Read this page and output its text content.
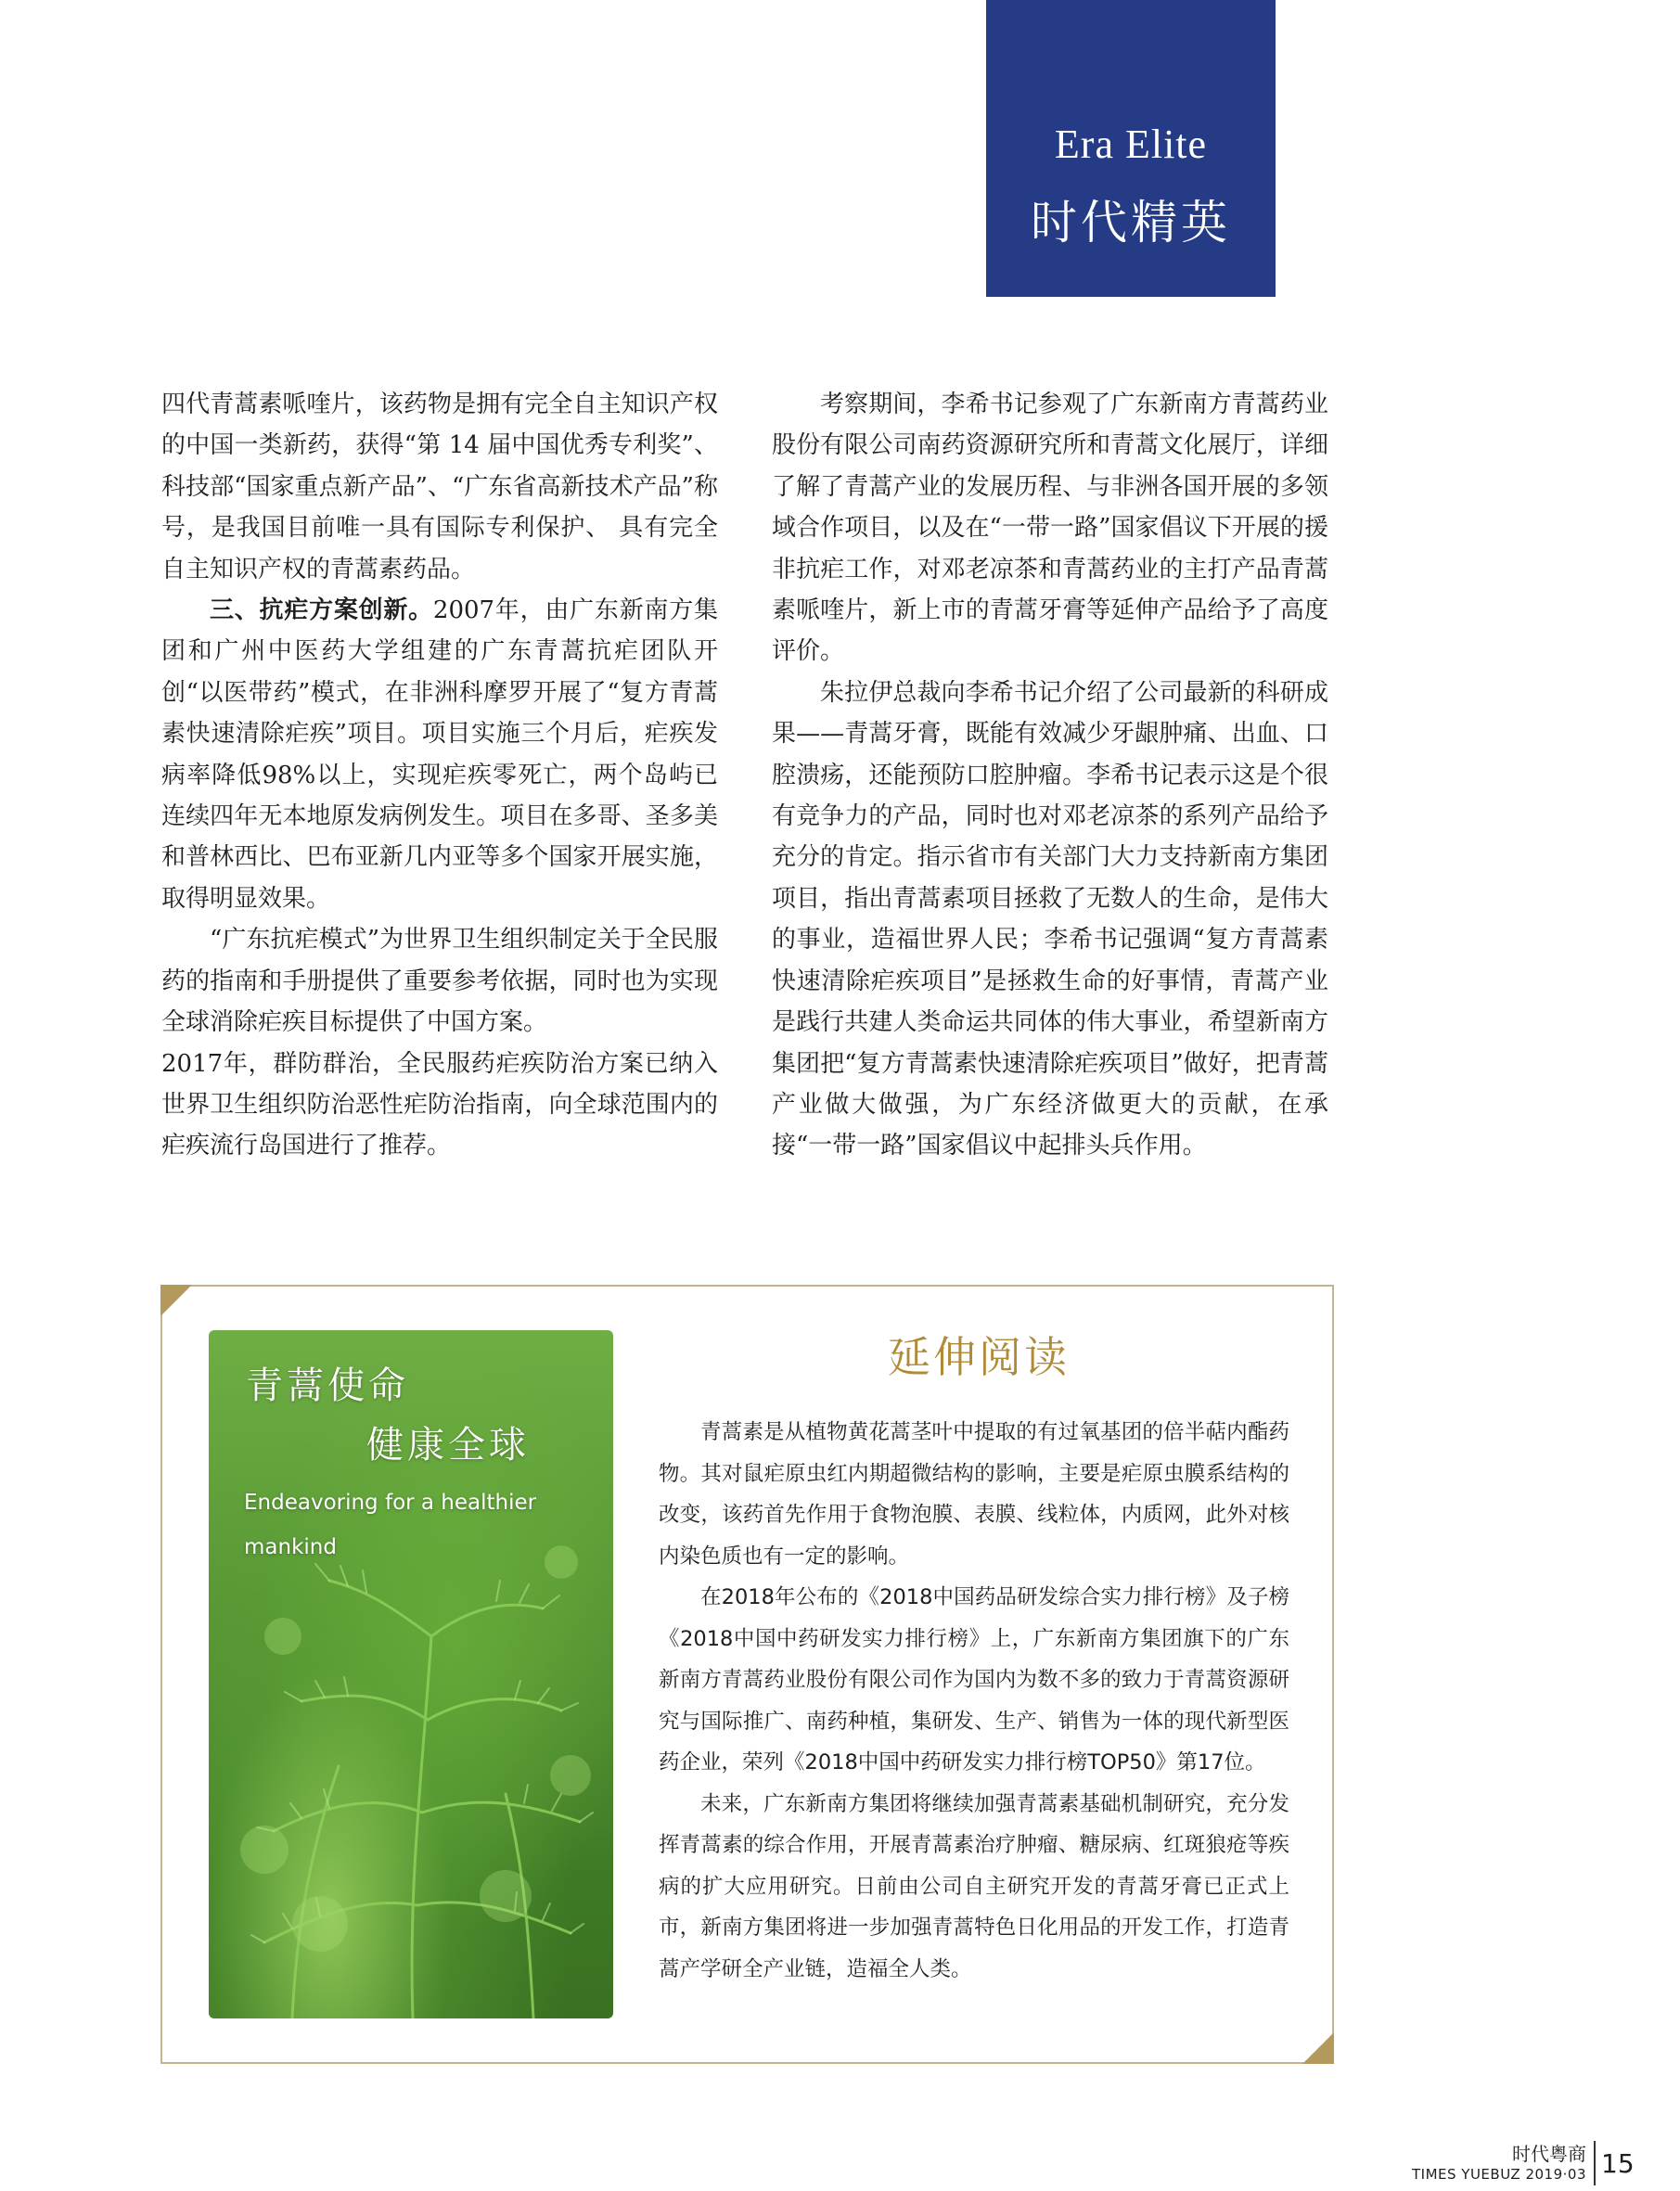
Era Elite
时代精英

四代青蒿素哌喹片，该药物是拥有完全自主知识产权的中国一类新药，获得“第 14 届中国优秀专利奖”、科技部“国家重点新产品”、“广东省高新技术产品”称号，是我国目前唯一具有国际专利保护、 具有完全自主知识产权的青蒿素药品。

三、抗疟方案创新。2007年，由广东新南方集团和广州中医药大学组建的广东青蒿抗疟团队开创“以医带药”模式，在非洲科摩罗开展了“复方青蒿素快速清除疟疾”项目。项目实施三个月后，疟疾发病率降低98%以上，实现疟疾零死亡，两个岛屿已连续四年无本地原发病例发生。项目在多哥、圣多美和普林西比、巴布亚新几内亚等多个国家开展实施，取得明显效果。

“广东抗疟模式”为世界卫生组织制定关于全民服药的指南和手册提供了重要参考依据，同时也为实现全球消除疟疾目标提供了中国方案。

2017年，群防群治，全民服药疟疾防治方案已纳入世界卫生组织防治恶性疟防治指南，向全球范围内的疟疾流行岛国进行了推荐。

考察期间，李希书记参观了广东新南方青蒿药业股份有限公司南药资源研究所和青蒿文化展厅，详细了解了青蒿产业的发展历程、与非洲各国开展的多领域合作项目，以及在“一带一路”国家倡议下开展的援非抗疟工作，对邓老凉茶和青蒿药业的主打产品青蒿素哌喹片，新上市的青蒿牙膏等延伸产品给予了高度评价。

朱拉伊总裁向李希书记介绍了公司最新的科研成果——青蒿牙膏，既能有效减少牙龈肿痛、出血、口腔溃疡，还能预防口腔肿瘤。李希书记表示这是个很有竞争力的产品，同时也对邓老凉茶的系列产品给予充分的肯定。指示省市有关部门大力支持新南方集团项目，指出青蒿素项目拯救了无数人的生命，是伟大的事业，造福世界人民；李希书记强调“复方青蒿素快速清除疟疾项目”是拯救生命的好事情，青蒿产业是践行共建人类命运共同体的伟大事业，希望新南方集团把“复方青蒿素快速清除疟疾项目”做好，把青蒿产业做大做强，为广东经济做更大的贡献，在承接“一带一路”国家倡议中起排头兵作用。

青蒿使命
健康全球
Endeavoring for a healthier mankind
延伸阅读

青蒿素是从植物黄花蒿茎叶中提取的有过氧基团的倍半萜内酯药物。其对鼠疟原虫红内期超微结构的影响，主要是疟原虫膜系结构的改变，该药首先作用于食物泡膜、表膜、线粒体，内质网，此外对核内染色质也有一定的影响。

在2018年公布的《2018中国药品研发综合实力排行榜》及子榜《2018中国中药研发实力排行榜》上，广东新南方集团旗下的广东新南方青蒿药业股份有限公司作为国内为数不多的致力于青蒿资源研究与国际推广、南药种植，集研发、生产、销售为一体的现代新型医药企业，荣列《2018中国中药研发实力排行榜TOP50》第17位。

未来，广东新南方集团将继续加强青蒿素基础机制研究，充分发挥青蒿素的综合作用，开展青蒿素治疗肿瘤、糖尿病、红斑狼疮等疾病的扩大应用研究。日前由公司自主研究开发的青蒿牙膏已正式上市，新南方集团将进一步加强青蒿特色日化用品的开发工作，打造青蒿产学研全产业链，造福全人类。

时代粤商
TIMES YUEBUZ 2019·03 15
